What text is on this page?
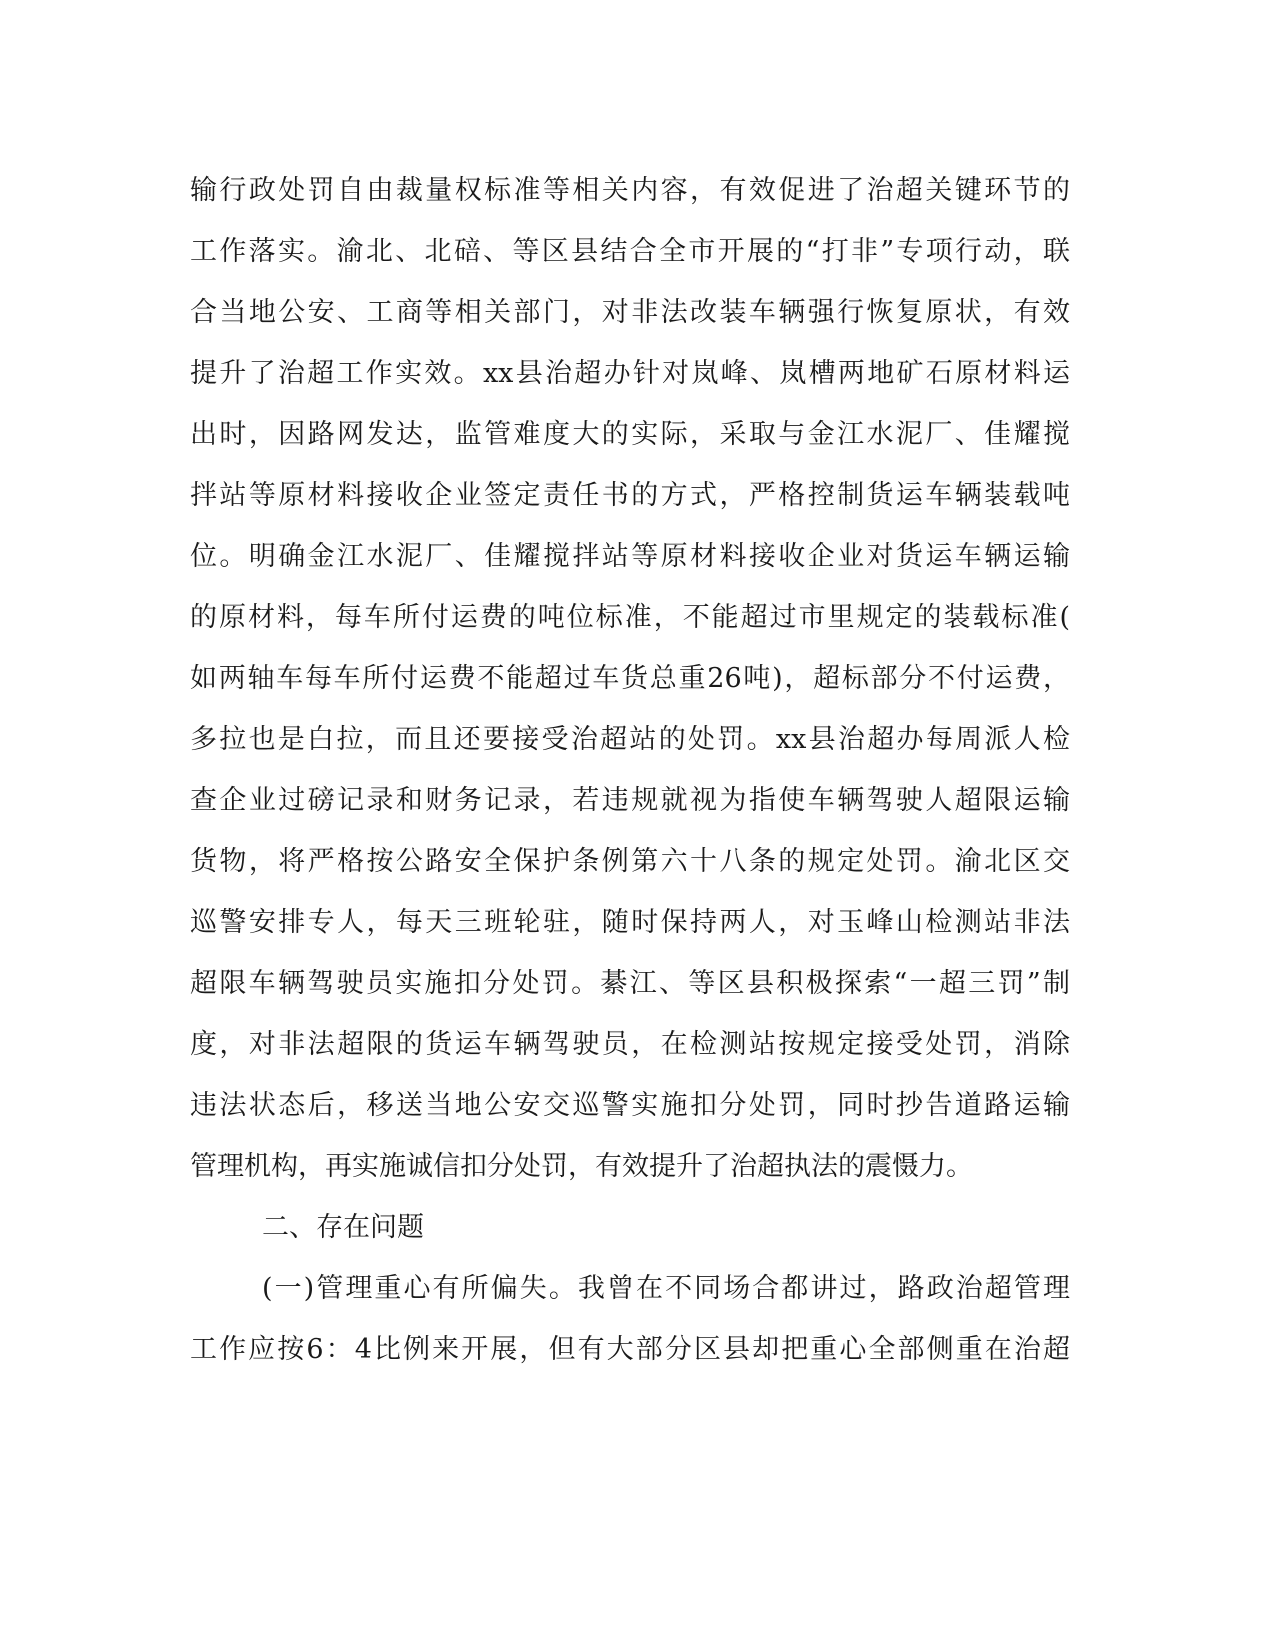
输行政处罚自由裁量权标准等相关内容，有效促进了治超关键环节的
工作落实。渝北、北碚、等区县结合全市开展的“打非”专项行动，联
合当地公安、工商等相关部门，对非法改装车辆强行恢复原状，有效
提升了治超工作实效。xx县治超办针对岚峰、岚槽两地矿石原材料运
出时，因路网发达，监管难度大的实际，采取与金江水泥厂、佳耀搅
拌站等原材料接收企业签定责任书的方式，严格控制货运车辆装载吨
位。明确金江水泥厂、佳耀搅拌站等原材料接收企业对货运车辆运输
的原材料，每车所付运费的吨位标准，不能超过市里规定的装载标准(
如两轴车每车所付运费不能超过车货总重26吨)，超标部分不付运费，
多拉也是白拉，而且还要接受治超站的处罚。xx县治超办每周派人检
查企业过磅记录和财务记录，若违规就视为指使车辆驾驶人超限运输
货物，将严格按公路安全保护条例第六十八条的规定处罚。渝北区交
巡警安排专人，每天三班轮驻，随时保持两人，对玉峰山检测站非法
超限车辆驾驶员实施扣分处罚。綦江、等区县积极探索“一超三罚”制
度，对非法超限的货运车辆驾驶员，在检测站按规定接受处罚，消除
违法状态后，移送当地公安交巡警实施扣分处罚，同时抄告道路运输
管理机构，再实施诚信扣分处罚，有效提升了治超执法的震慑力。
二、存在问题
(一)管理重心有所偏失。我曾在不同场合都讲过，路政治超管理
工作应按6：4比例来开展，但有大部分区县却把重心全部侧重在治超
